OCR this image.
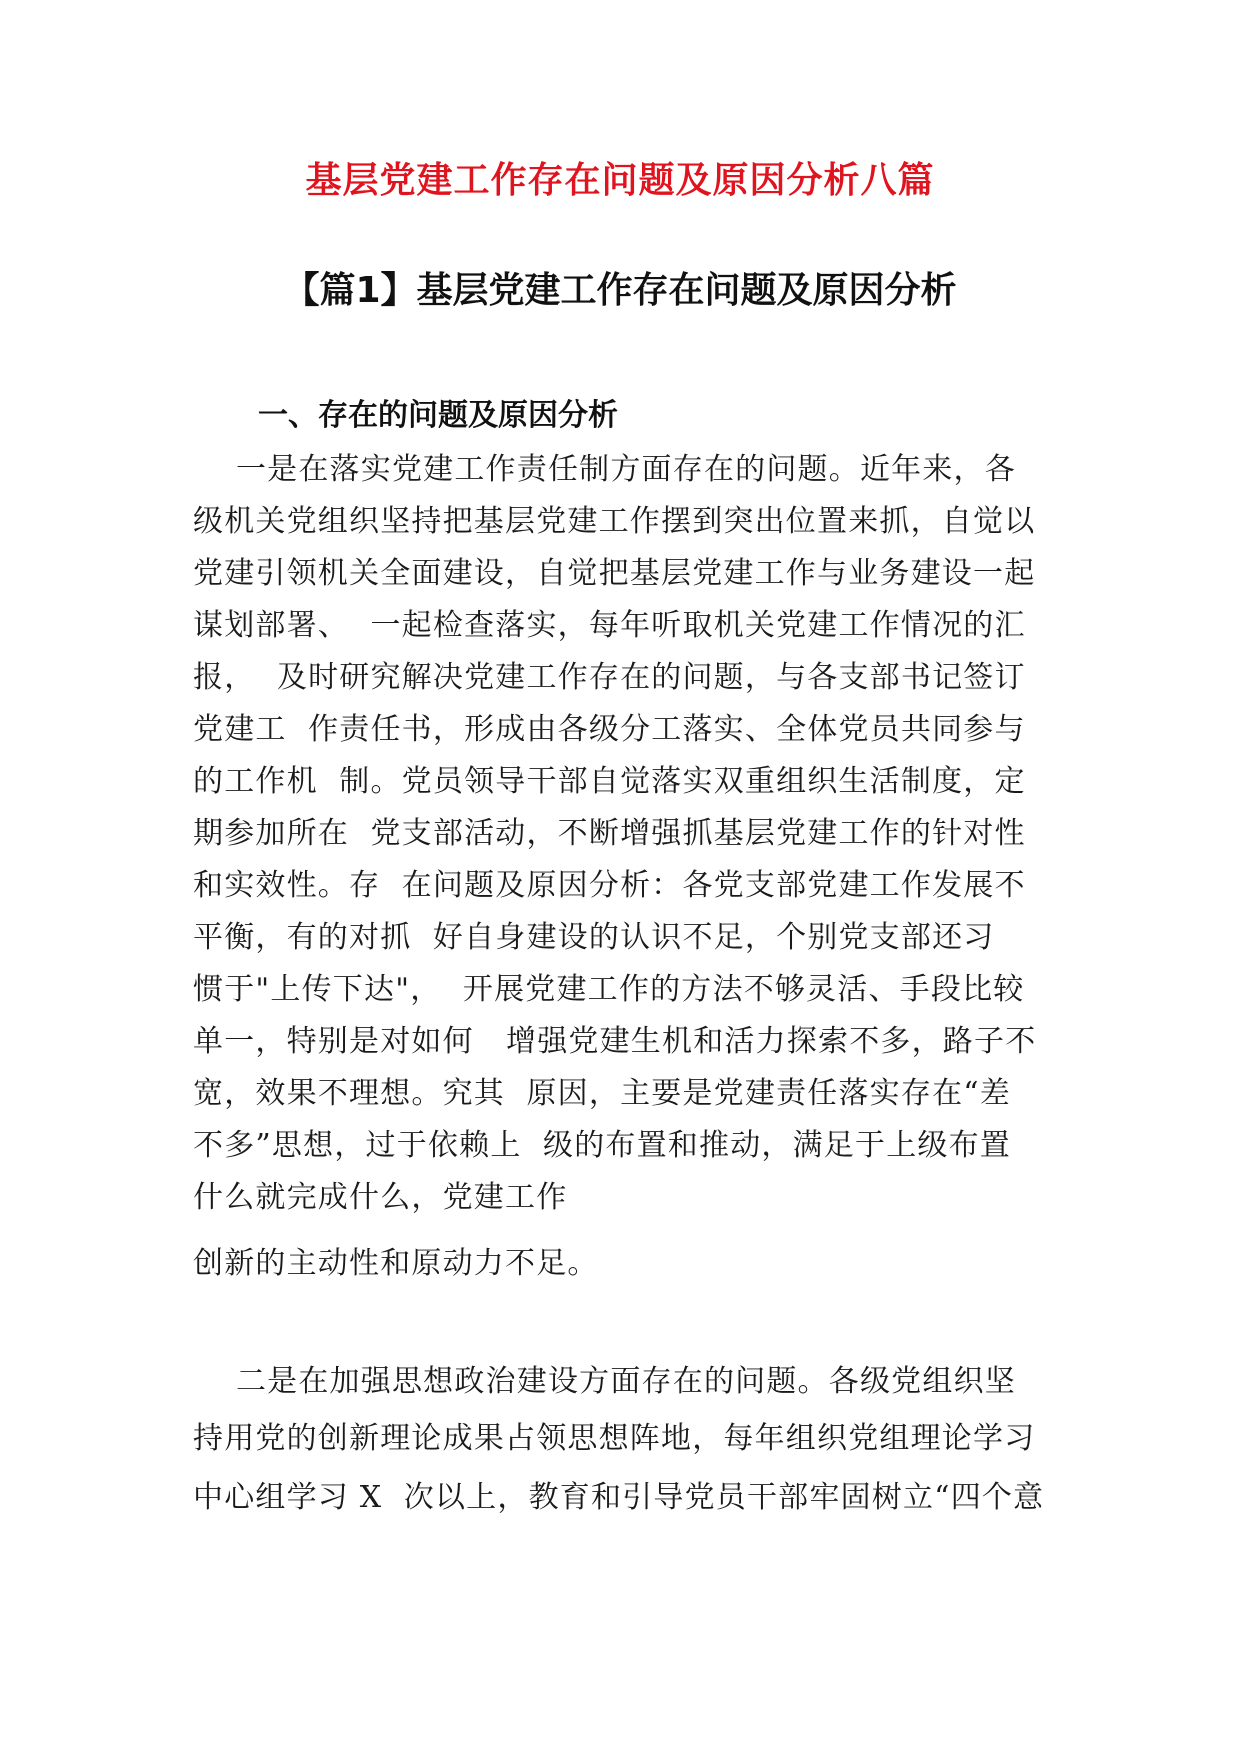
基层党建工作存在问题及原因分析八篇
【篇1】基层党建工作存在问题及原因分析
一、存在的问题及原因分析
一是在落实党建工作责任制方面存在的问题。近年来，各
级机关党组织坚持把基层党建工作摆到突出位置来抓，自觉以
党建引领机关全面建设，自觉把基层党建工作与业务建设一起
谋划部署、  一起检查落实，每年听取机关党建工作情况的汇
报，  及时研究解决党建工作存在的问题，与各支部书记签订
党建工  作责任书，形成由各级分工落实、全体党员共同参与
的工作机  制。党员领导干部自觉落实双重组织生活制度，定
期参加所在  党支部活动，不断增强抓基层党建工作的针对性
和实效性。存  在问题及原因分析：各党支部党建工作发展不
平衡，有的对抓  好自身建设的认识不足，个别党支部还习
惯于"上传下达"，  开展党建工作的方法不够灵活、手段比较
单一，特别是对如何   增强党建生机和活力探索不多，路子不
宽，效果不理想。究其  原因，主要是党建责任落实存在“差
不多”思想，过于依赖上  级的布置和推动，满足于上级布置
什么就完成什么，党建工作
创新的主动性和原动力不足。
二是在加强思想政治建设方面存在的问题。各级党组织坚
持用党的创新理论成果占领思想阵地，每年组织党组理论学习
中心组学习 X  次以上，教育和引导党员干部牢固树立“四个意
